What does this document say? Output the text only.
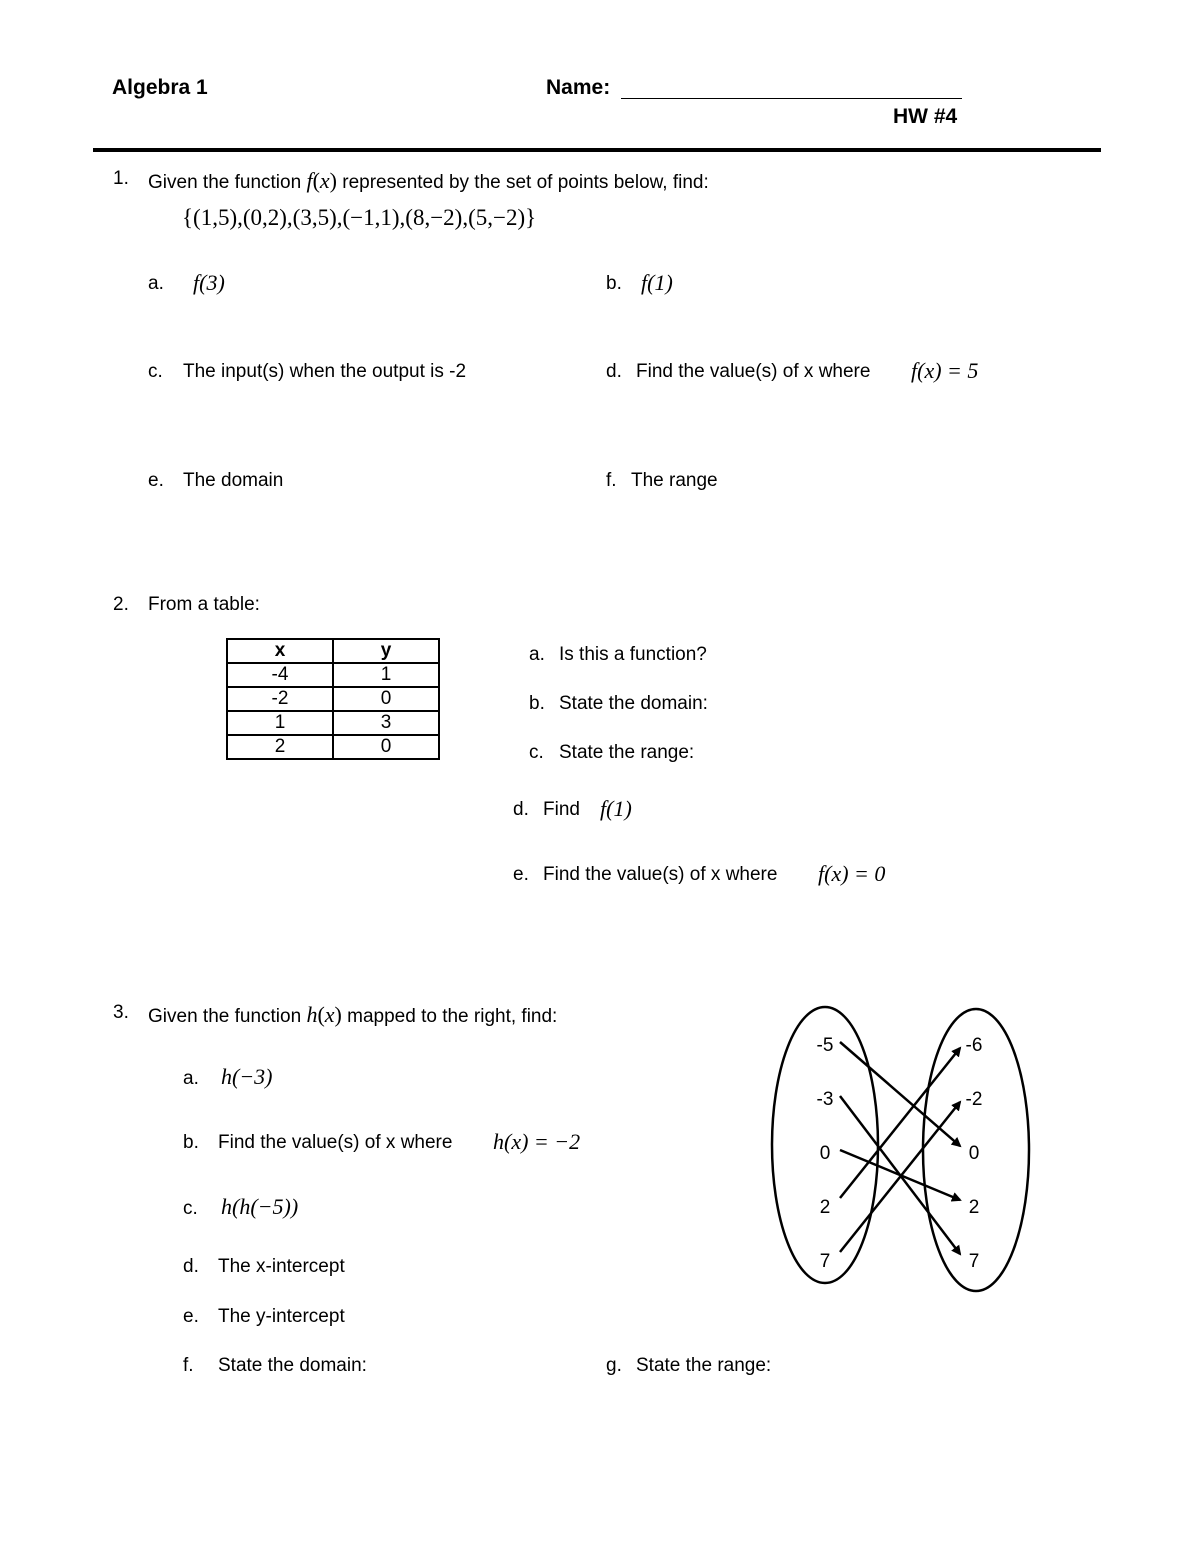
Algebra 1	Name:
HW #4
1. Given the function f(x) represented by the set of points below, find:
{(1,5),(0,2),(3,5),(−1,1),(8,−2),(5,−2)}
a. f(3)	b. f(1)
c. The input(s) when the output is -2	d. Find the value(s) of x where f(x) = 5
e. The domain	f. The range
2. From a table:
x	y
-4	1
-2	0
1	3
2	0
a. Is this a function?
b. State the domain:
c. State the range:
d. Find f(1)
e. Find the value(s) of x where f(x) = 0
3. Given the function h(x) mapped to the right, find:
a. h(−3)
b. Find the value(s) of x where h(x) = −2
c. h(h(−5))
d. The x-intercept
e. The y-intercept
f. State the domain:	g. State the range:
-5
-3
0
2
7
-6
-2
0
2
7
